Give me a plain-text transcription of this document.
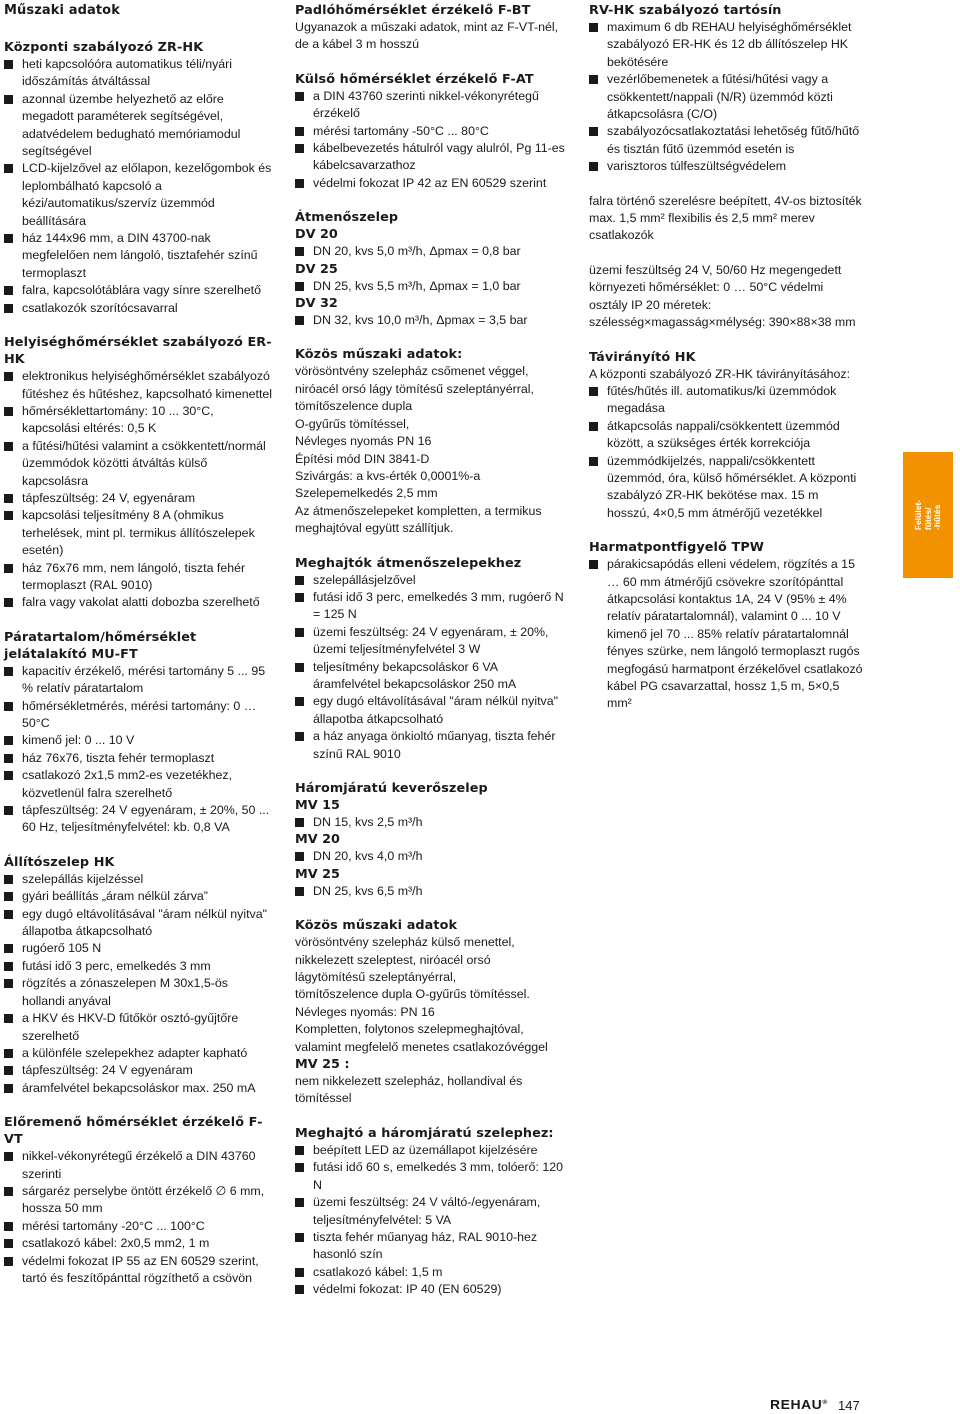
Műszaki adatok
Központi szabályozó ZR-HK
heti kapcsolóóra automatikus téli/nyári időszámítás átváltással
azonnal üzembe helyezhető az előre megadott paraméterek segítségével, adatvédelem bedugható memóriamodul segítségével
LCD-kijelzővel az előlapon, kezelőgombok és leplombálható kapcsoló a kézi/automatikus/szervíz üzemmód beállítására
ház 144x96 mm, a DIN 43700-nak megfelelően nem lángoló, tisztafehér színű termoplaszt
falra, kapcsolótáblára vagy sínre szerelhető
csatlakozók szorítócsavarral
Helyiséghőmérséklet szabályozó ER-HK
elektronikus helyiséghőmérséklet szabályozó fűtéshez és hűtéshez, kapcsolható kimenettel
hőmérséklettartomány: 10 ... 30°C, kapcsolási eltérés: 0,5 K
a fűtési/hűtési valamint a csökkentett/normál üzemmódok közötti átváltás külső kapcsolásra
tápfeszültség: 24 V, egyenáram
kapcsolási teljesítmény 8 A (ohmikus terhelések, mint pl. termikus állítószelepek esetén)
ház 76x76 mm, nem lángoló, tiszta fehér termoplaszt (RAL 9010)
falra vagy vakolat alatti dobozba szerelhető
Páratartalom/hőmérséklet jelátalakító MU-FT
kapacitív érzékelő, mérési tartomány 5 ... 95 % relatív páratartalom
hőmérsékletmérés, mérési tartomány: 0 … 50°C
kimenő jel: 0 ... 10 V
ház 76x76, tiszta fehér termoplaszt
csatlakozó 2x1,5 mm2-es vezetékhez, közvetlenül falra szerelhető
tápfeszültség: 24 V egyenáram, ± 20%, 50 ... 60 Hz, teljesítményfelvétel: kb. 0,8 VA
Állítószelep HK
szelepállás kijelzéssel
gyári beállítás „áram nélkül zárva”
egy dugó eltávolításával "áram nélkül nyitva" állapotba átkapcsolható
rugóerő 105 N
futási idő 3 perc, emelkedés 3 mm
rögzítés a zónaszelepen M 30x1,5-ös hollandi anyával
a HKV és HKV-D fűtőkör osztó-gyűjtőre szerelhető
a különféle szelepekhez adapter kapható
tápfeszültség: 24 V egyenáram
áramfelvétel bekapcsoláskor max. 250 mA
Előremenő hőmérséklet érzékelő F-VT
nikkel-vékonyrétegű érzékelő a DIN 43760 szerinti
sárgaréz perselybe öntött érzékelő ∅ 6 mm, hossza 50 mm
mérési tartomány -20°C ... 100°C
csatlakozó kábel: 2x0,5 mm2, 1 m
védelmi fokozat IP 55 az EN 60529 szerint, tartó és feszítőpánttal rögzíthető a csövön
Padlóhőmérséklet érzékelő F-BT
Ugyanazok a műszaki adatok, mint az F-VT-nél, de a kábel 3 m hosszú
Külső hőmérséklet érzékelő F-AT
a DIN 43760 szerinti nikkel-vékonyrétegű érzékelő
mérési tartomány -50°C ... 80°C
kábelbevezetés hátulról vagy alulról, Pg 11-es kábelcsavarzathoz
védelmi fokozat IP 42 az EN 60529 szerint
Átmenőszelep
DV 20
DN 20, kvs 5,0 m³/h, Δpmax = 0,8 bar
DV 25
DN 25, kvs 5,5 m³/h, Δpmax = 1,0 bar
DV 32
DN 32, kvs 10,0 m³/h, Δpmax = 3,5 bar
Közös műszaki adatok:
vörösöntvény szelepház csőmenet véggel,
niróacél orsó lágy tömítésű szeleptányérral,
tömítőszelence dupla
O-gyűrűs tömítéssel,
Névleges nyomás PN 16
Építési mód DIN 3841-D
Szivárgás: a kvs-érték 0,0001%-a
Szelepemelkedés 2,5 mm
Az átmenőszelepeket kompletten, a termikus meghajtóval együtt szállítjuk.
Meghajtók átmenőszelepekhez
szelepállásjelzővel
futási idő 3 perc, emelkedés 3 mm, rugóerő N = 125 N
üzemi feszültség: 24 V egyenáram, ± 20%, üzemi teljesítményfelvétel 3 W
teljesítmény bekapcsoláskor 6 VA áramfelvétel bekapcsoláskor 250 mA
egy dugó eltávolításával "áram nélkül nyitva" állapotba átkapcsolható
a ház anyaga önkioltó műanyag, tiszta fehér színű RAL 9010
Háromjáratú keverőszelep
MV 15
DN 15, kvs 2,5 m³/h
MV 20
DN 20, kvs 4,0 m³/h
MV 25
DN 25, kvs 6,5 m³/h
Közös műszaki adatok
vörösöntvény szelepház külső menettel,
nikkelezett szeleptest, niróacél orsó
lágytömítésű szeleptányérral,
tömítőszelence dupla O-gyűrűs tömítéssel.
Névleges nyomás: PN 16
Kompletten, folytonos szelepmeghajtóval, valamint megfelelő menetes csatlakozóvéggel
MV 25 :
nem nikkelezett szelepház, hollandival és tömítéssel
Meghajtó a háromjáratú szelephez:
beépített LED az üzemállapot kijelzésére
futási idő 60 s, emelkedés 3 mm, tolóerő: 120 N
üzemi feszültség: 24 V váltó-/egyenáram, teljesítményfelvétel: 5 VA
tiszta fehér műanyag ház, RAL 9010-hez hasonló szín
csatlakozó kábel: 1,5 m
védelmi fokozat: IP 40 (EN 60529)
RV-HK szabályozó tartósín
maximum 6 db REHAU helyiséghőmérséklet szabályozó ER-HK és 12 db állítószelep HK bekötésére
vezérlőbemenetek a fűtési/hűtési vagy a csökkentett/nappali (N/R) üzemmód közti átkapcsolásra (C/O)
szabályozócsatlakoztatási lehetőség fűtő/hűtő és tisztán fűtő üzemmód esetén is
varisztoros túlfeszültségvédelem
falra történő szerelésre beépített, 4V-os biztosíték max. 1,5 mm² flexibilis és 2,5 mm² merev csatlakozók
üzemi feszültség 24 V, 50/60 Hz megengedett környezeti hőmérséklet: 0 … 50°C védelmi osztály IP 20 méretek: szélesség×magasság×mélység: 390×88×38 mm
Távirányító HK
A központi szabályozó ZR-HK távirányításához:
fűtés/hűtés ill. automatikus/ki üzemmódok megadása
átkapcsolás nappali/csökkentett üzemmód között, a szükséges érték korrekciója
üzemmódkijelzés, nappali/csökkentett üzemmód, óra, külső hőmérséklet. A központi szabályzó ZR-HK bekötése max. 15 m hosszú, 4×0,5 mm átmérőjű vezetékkel
Harmatpontfigyelő TPW
párakicsapódás elleni védelem, rögzítés a 15 … 60 mm átmérőjű csövekre szorítópánttal átkapcsolási kontaktus 1A, 24 V (95% ± 4% relatív páratartalomnál), valamint 0 ... 10 V kimenő jel 70 ... 85% relatív páratartalomnál fényes szürke, nem lángoló termoplaszt rugós megfogású harmatpont érzékelővel csatlakozó kábel PG csavarzattal, hossz 1,5 m, 5×0,5 mm²
Felület-
fűtés/
-hűtés
REHAU® 147
